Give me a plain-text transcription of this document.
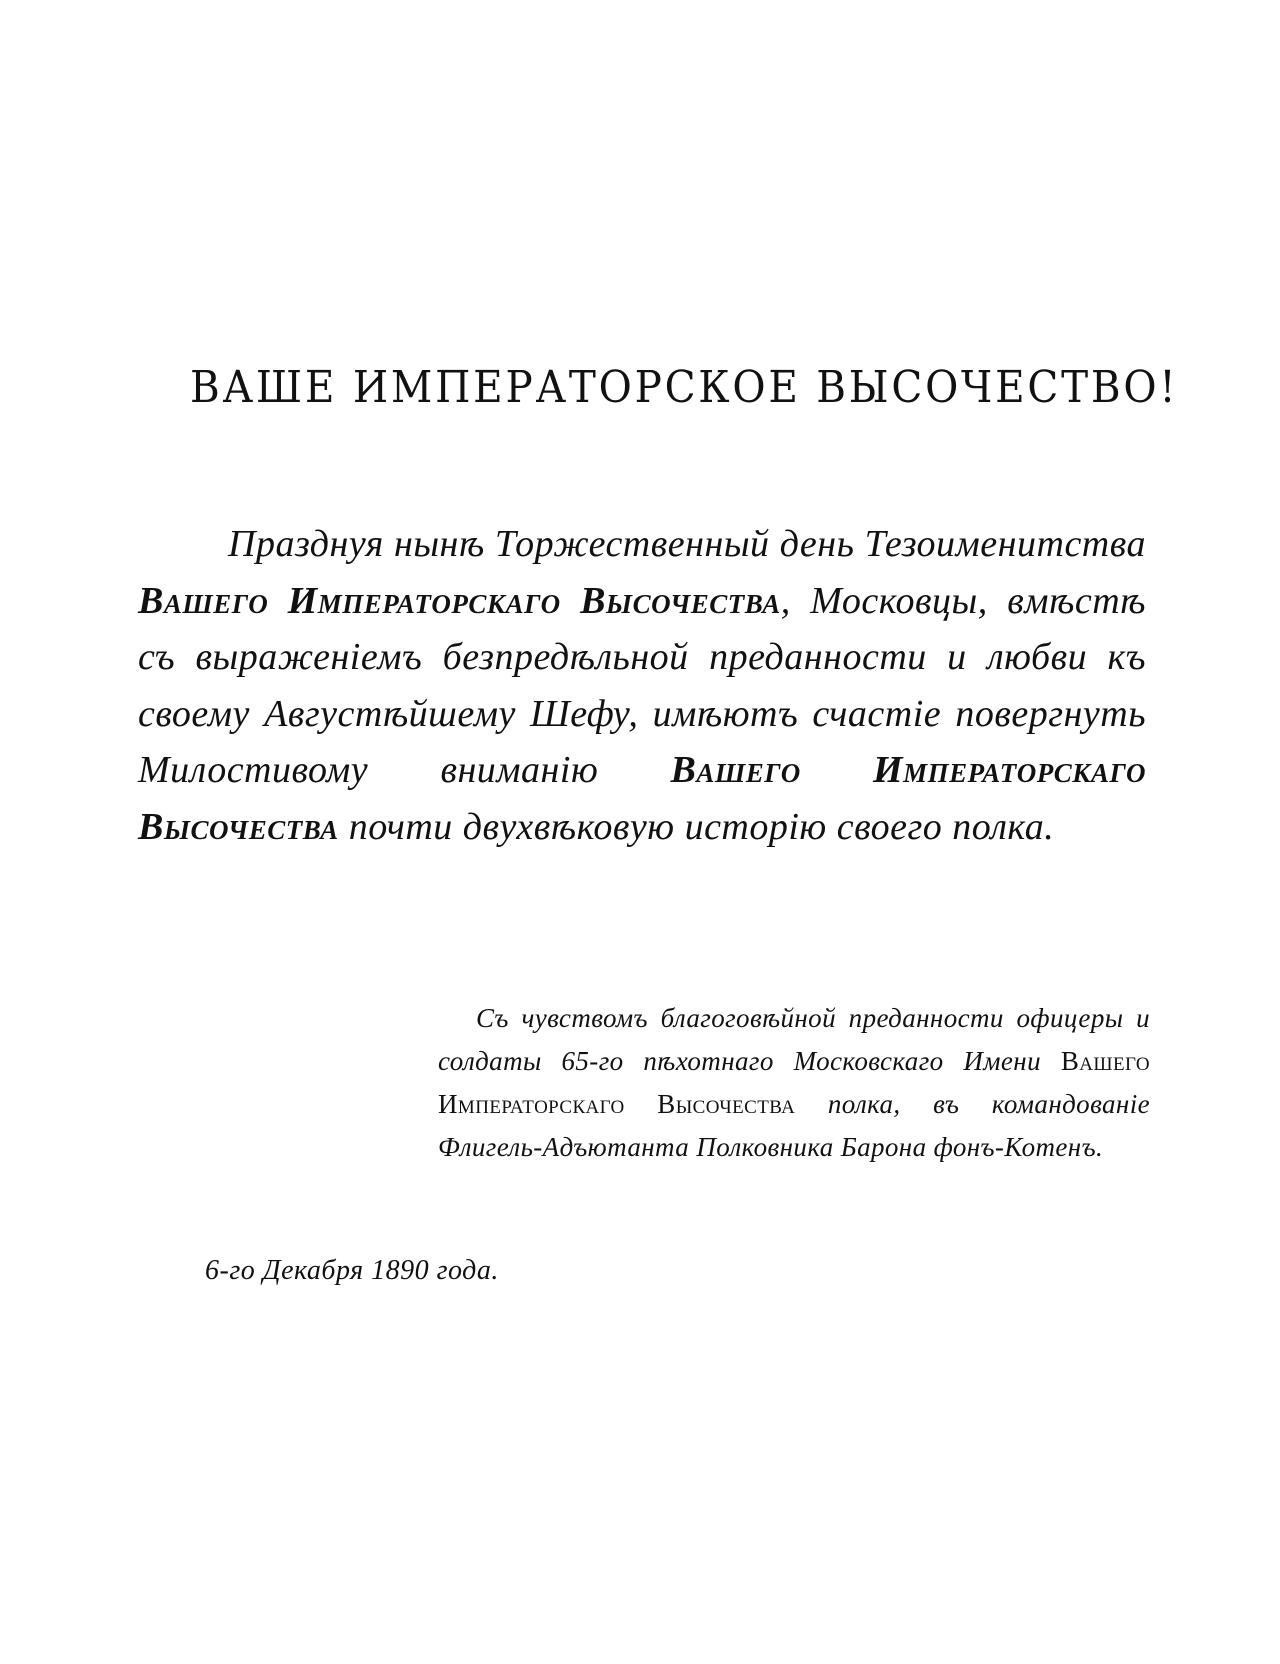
ВАШЕ ИМПЕРАТОРСКОЕ ВЫСОЧЕСТВО!

Празднуя нынѣ Торжественный день Тезоименитства Вашего Императорскаго Высочества, Московцы, вмѣстѣ съ выраженіемъ безпредѣльной преданности и любви къ своему Августѣйшему Шефу, имѣютъ счастіе повергнуть Милостивому вниманію Вашего Императорскаго Высочества почти двухвѣковую исторію своего полка.

Съ чувствомъ благоговѣйной преданности офицеры и солдаты 65-го пѣхотнаго Московскаго Имени Вашего Императорскаго Высочества полка, въ командованіе Флигель-Адъютанта Полковника Барона фонъ-Котенъ.

6-го Декабря 1890 года.
